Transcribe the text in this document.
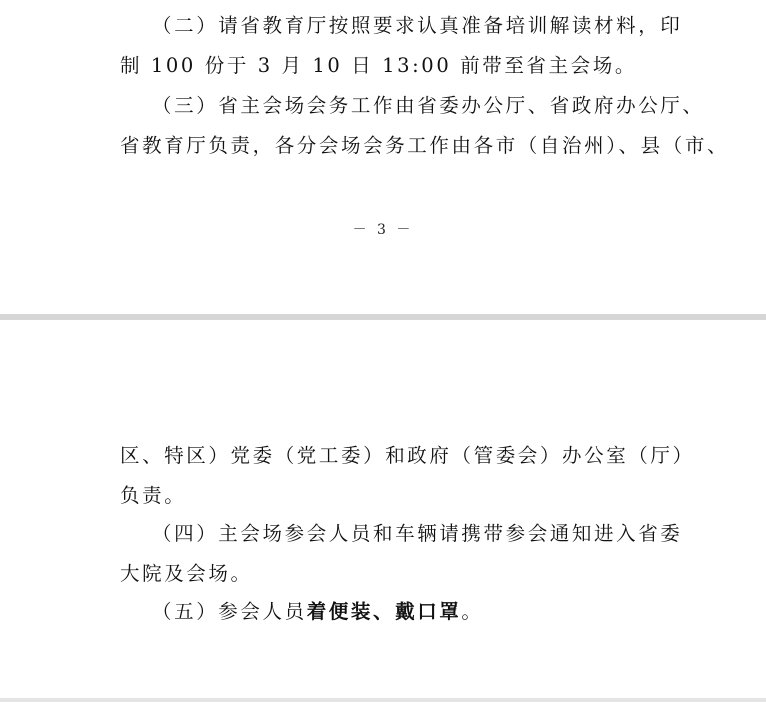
（二）请省教育厅按照要求认真准备培训解读材料，印
制 100 份于 3 月 10 日 13:00 前带至省主会场。
（三）省主会场会务工作由省委办公厅、省政府办公厅、
省教育厅负责，各分会场会务工作由各市（自治州）、县（市、
－ 3 －
区、特区）党委（党工委）和政府（管委会）办公室（厅）
负责。
（四）主会场参会人员和车辆请携带参会通知进入省委
大院及会场。
（五）参会人员着便装、戴口罩。
